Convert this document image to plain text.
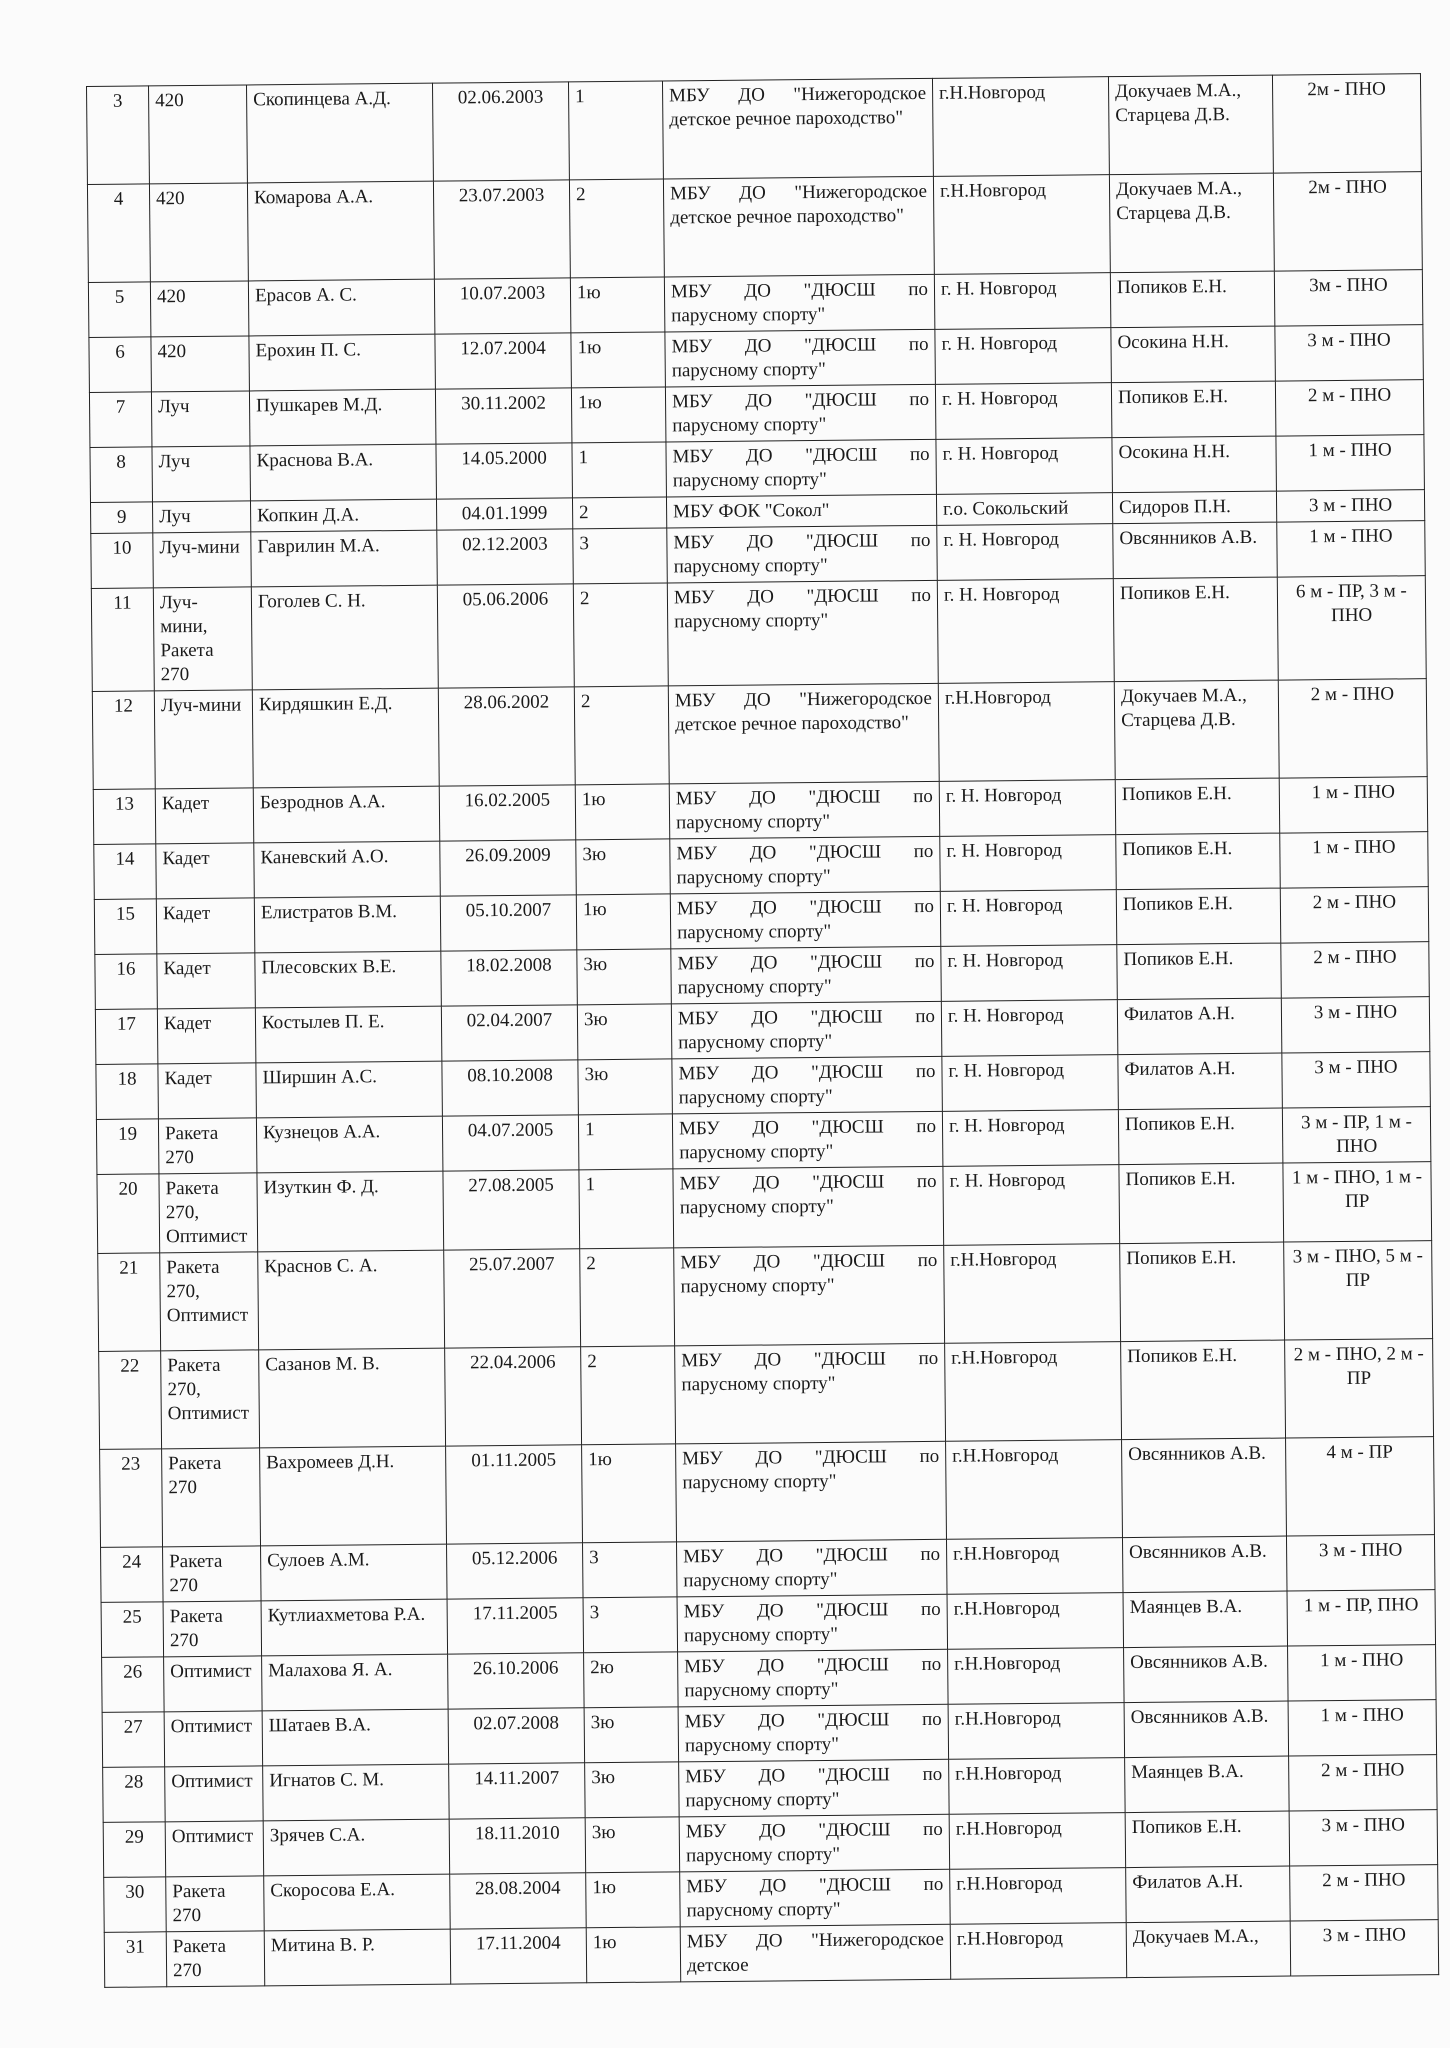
3	420	Скопинцева А.Д.	02.06.2003	1	МБУ ДО "Нижегородское детское речное пароходство"	г.Н.Новгород	Докучаев М.А., Старцева Д.В.	2м - ПНО
4	420	Комарова А.А.	23.07.2003	2	МБУ ДО "Нижегородское детское речное пароходство"	г.Н.Новгород	Докучаев М.А., Старцева Д.В.	2м - ПНО
5	420	Ерасов А. С.	10.07.2003	1ю	МБУ ДО "ДЮСШ по парусному спорту"	г. Н. Новгород	Попиков Е.Н.	3м - ПНО
6	420	Ерохин П. С.	12.07.2004	1ю	МБУ ДО "ДЮСШ по парусному спорту"	г. Н. Новгород	Осокина Н.Н.	3 м - ПНО
7	Луч	Пушкарев М.Д.	30.11.2002	1ю	МБУ ДО "ДЮСШ по парусному спорту"	г. Н. Новгород	Попиков Е.Н.	2 м - ПНО
8	Луч	Краснова В.А.	14.05.2000	1	МБУ ДО "ДЮСШ по парусному спорту"	г. Н. Новгород	Осокина Н.Н.	1 м - ПНО
9	Луч	Копкин Д.А.	04.01.1999	2	МБУ ФОК "Сокол"	г.о. Сокольский	Сидоров П.Н.	3 м - ПНО
10	Луч-мини	Гаврилин М.А.	02.12.2003	3	МБУ ДО "ДЮСШ по парусному спорту"	г. Н. Новгород	Овсянников А.В.	1 м - ПНО
11	Луч-мини, Ракета 270	Гоголев С. Н.	05.06.2006	2	МБУ ДО "ДЮСШ по парусному спорту"	г. Н. Новгород	Попиков Е.Н.	6 м - ПР, 3 м - ПНО
12	Луч-мини	Кирдяшкин Е.Д.	28.06.2002	2	МБУ ДО "Нижегородское детское речное пароходство"	г.Н.Новгород	Докучаев М.А., Старцева Д.В.	2 м - ПНО
13	Кадет	Безроднов А.А.	16.02.2005	1ю	МБУ ДО "ДЮСШ по парусному спорту"	г. Н. Новгород	Попиков Е.Н.	1 м - ПНО
14	Кадет	Каневский А.О.	26.09.2009	3ю	МБУ ДО "ДЮСШ по парусному спорту"	г. Н. Новгород	Попиков Е.Н.	1 м - ПНО
15	Кадет	Елистратов В.М.	05.10.2007	1ю	МБУ ДО "ДЮСШ по парусному спорту"	г. Н. Новгород	Попиков Е.Н.	2 м - ПНО
16	Кадет	Плесовских В.Е.	18.02.2008	3ю	МБУ ДО "ДЮСШ по парусному спорту"	г. Н. Новгород	Попиков Е.Н.	2 м - ПНО
17	Кадет	Костылев П. Е.	02.04.2007	3ю	МБУ ДО "ДЮСШ по парусному спорту"	г. Н. Новгород	Филатов А.Н.	3 м - ПНО
18	Кадет	Ширшин А.С.	08.10.2008	3ю	МБУ ДО "ДЮСШ по парусному спорту"	г. Н. Новгород	Филатов А.Н.	3 м - ПНО
19	Ракета 270	Кузнецов А.А.	04.07.2005	1	МБУ ДО "ДЮСШ по парусному спорту"	г. Н. Новгород	Попиков Е.Н.	3 м - ПР, 1 м - ПНО
20	Ракета 270, Оптимист	Изуткин Ф. Д.	27.08.2005	1	МБУ ДО "ДЮСШ по парусному спорту"	г. Н. Новгород	Попиков Е.Н.	1 м - ПНО, 1 м - ПР
21	Ракета 270, Оптимист	Краснов С. А.	25.07.2007	2	МБУ ДО "ДЮСШ по парусному спорту"	г.Н.Новгород	Попиков Е.Н.	3 м - ПНО, 5 м - ПР
22	Ракета 270, Оптимист	Сазанов М. В.	22.04.2006	2	МБУ ДО "ДЮСШ по парусному спорту"	г.Н.Новгород	Попиков Е.Н.	2 м - ПНО, 2 м - ПР
23	Ракета 270	Вахромеев Д.Н.	01.11.2005	1ю	МБУ ДО "ДЮСШ по парусному спорту"	г.Н.Новгород	Овсянников А.В.	4 м - ПР
24	Ракета 270	Сулоев А.М.	05.12.2006	3	МБУ ДО "ДЮСШ по парусному спорту"	г.Н.Новгород	Овсянников А.В.	3 м - ПНО
25	Ракета 270	Кутлиахметова Р.А.	17.11.2005	3	МБУ ДО "ДЮСШ по парусному спорту"	г.Н.Новгород	Маянцев В.А.	1 м - ПР, ПНО
26	Оптимист	Малахова Я. А.	26.10.2006	2ю	МБУ ДО "ДЮСШ по парусному спорту"	г.Н.Новгород	Овсянников А.В.	1 м - ПНО
27	Оптимист	Шатаев В.А.	02.07.2008	3ю	МБУ ДО "ДЮСШ по парусному спорту"	г.Н.Новгород	Овсянников А.В.	1 м - ПНО
28	Оптимист	Игнатов С. М.	14.11.2007	3ю	МБУ ДО "ДЮСШ по парусному спорту"	г.Н.Новгород	Маянцев В.А.	2 м - ПНО
29	Оптимист	Зрячев С.А.	18.11.2010	3ю	МБУ ДО "ДЮСШ по парусному спорту"	г.Н.Новгород	Попиков Е.Н.	3 м - ПНО
30	Ракета 270	Скоросова Е.А.	28.08.2004	1ю	МБУ ДО "ДЮСШ по парусному спорту"	г.Н.Новгород	Филатов А.Н.	2 м - ПНО
31	Ракета 270	Митина В. Р.	17.11.2004	1ю	МБУ ДО "Нижегородское детское	г.Н.Новгород	Докучаев М.А.,	3 м - ПНО
